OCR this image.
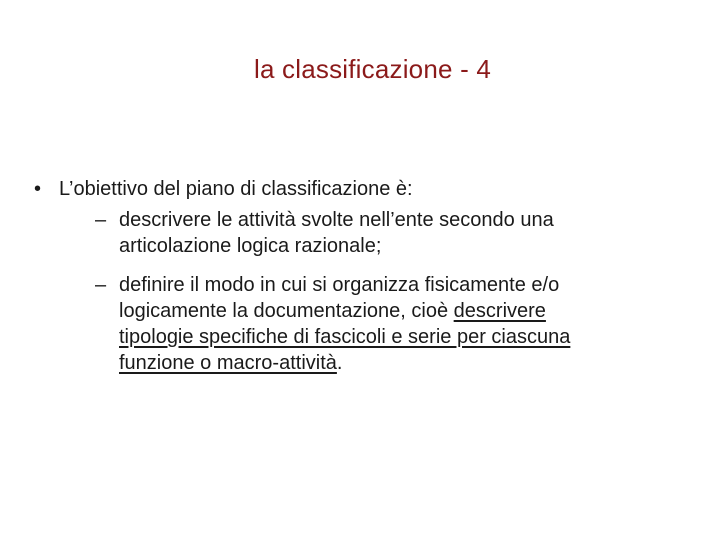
la classificazione - 4
• L’obiettivo del piano di classificazione è:
– descrivere le attività svolte nell’ente secondo una
articolazione logica razionale;
– definire il modo in cui si organizza fisicamente e/o
logicamente la documentazione, cioè descrivere
tipologie specifiche di fascicoli e serie per ciascuna
funzione o macro-attività.
